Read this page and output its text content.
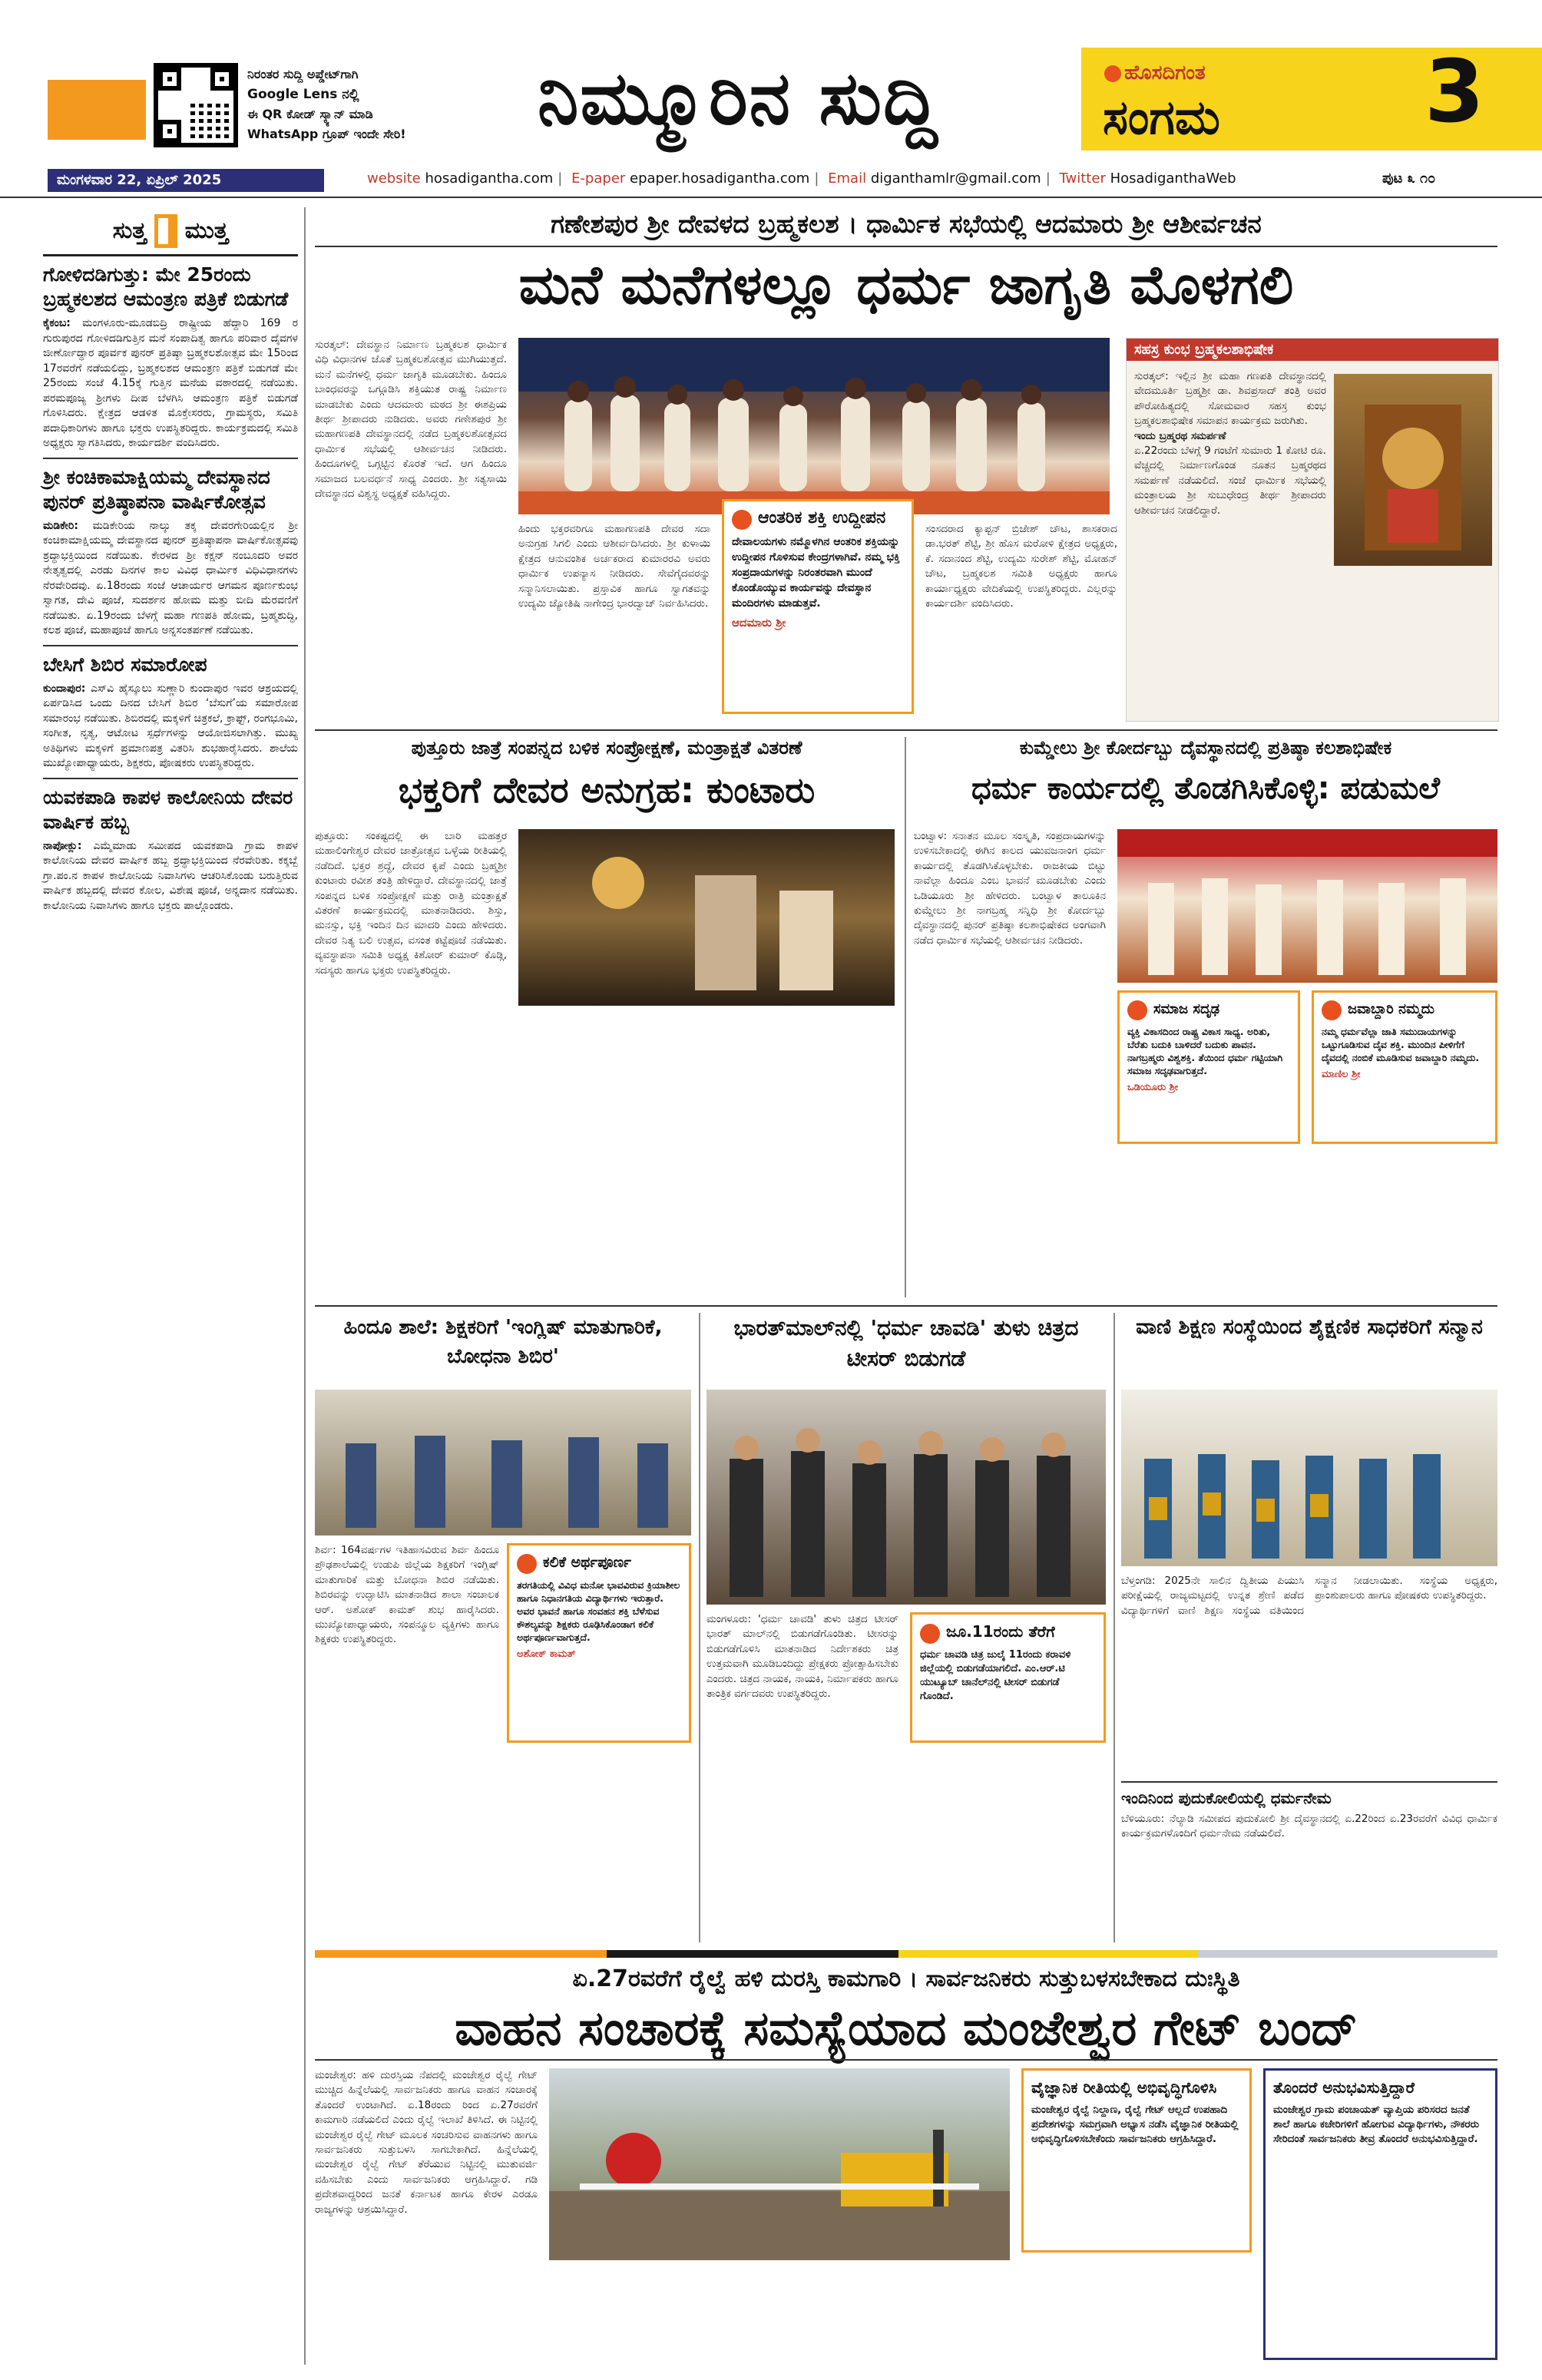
ನಿರಂತರ ಸುದ್ದಿ ಅಪ್ಡೇಟ್‌ಗಾಗಿ
Google Lens ನಲ್ಲಿ
ಈ QR ಕೋಡ್ ಸ್ಕ್ಯಾನ್ ಮಾಡಿ
WhatsApp ಗ್ರೂಪ್ ಇಂದೇ ಸೇರಿ!	ನಿಮ್ಮೂರಿನ ಸುದ್ದಿ	ಹೊಸದಿಗಂತ
ಸಂಗಮ 3
ಮಂಗಳವಾರ 22, ಏಪ್ರಿಲ್ 2025	website hosadigantha.com | E-paper epaper.hosadigantha.com | Email diganthamlr@gmail.com | Twitter HosadiganthaWeb	ಪುಟ ೩ ೧೦
ಸುತ್ತ ಮುತ್ತ
ಗೋಳಿದಡಿಗುತ್ತು: ಮೇ 25ರಂದು ಬ್ರಹ್ಮಕಲಶದ ಆಮಂತ್ರಣ ಪತ್ರಿಕೆ ಬಿಡುಗಡೆ
ಕೈಕಂಬ: ಮಂಗಳೂರು-ಮೂಡಬಿದ್ರಿ ರಾಷ್ಟ್ರೀಯ ಹೆದ್ದಾರಿ 169 ರ ಗುರುಪುರದ ಗೋಳಿದಡಿಗುತ್ತಿನ ಮನೆ ಸಂಪಾದಿತ್ವ ಹಾಗೂ ಪರಿವಾರ ದೈವಗಳ ಜೀರ್ಣೋದ್ಧಾರ ಪೂರ್ವಕ ಪುನರ್ ಪ್ರತಿಷ್ಠಾ ಬ್ರಹ್ಮಕಲಶೋತ್ಸವ ಮೇ 15ರಿಂದ 17ರವರೆಗೆ ನಡೆಯಲಿದ್ದು, ಬ್ರಹ್ಮಕಲಶದ ಆಮಂತ್ರಣ ಪತ್ರಿಕೆ ಬಿಡುಗಡೆ ಮೇ 25ರಂದು ಸಂಜೆ 4.15ಕ್ಕೆ ಗುತ್ತಿನ ಮನೆಯ ವಠಾರದಲ್ಲಿ ನಡೆಯಿತು. ಪರಮಪೂಜ್ಯ ಶ್ರೀಗಳು ದೀಪ ಬೆಳಗಿಸಿ ಆಮಂತ್ರಣ ಪತ್ರಿಕೆ ಬಿಡುಗಡೆ ಗೊಳಿಸಿದರು. ಕ್ಷೇತ್ರದ ಆಡಳಿತ ಮೊಕ್ತೇಸರರು, ಗ್ರಾಮಸ್ಥರು, ಸಮಿತಿ ಪದಾಧಿಕಾರಿಗಳು ಹಾಗೂ ಭಕ್ತರು ಉಪಸ್ಥಿತರಿದ್ದರು. ಕಾರ್ಯಕ್ರಮದಲ್ಲಿ ಸಮಿತಿ ಅಧ್ಯಕ್ಷರು ಸ್ವಾಗತಿಸಿದರು, ಕಾರ್ಯದರ್ಶಿ ವಂದಿಸಿದರು.
ಶ್ರೀ ಕಂಚಿಕಾಮಾಕ್ಷಿಯಮ್ಮ ದೇವಸ್ಥಾನದ ಪುನರ್ ಪ್ರತಿಷ್ಠಾಪನಾ ವಾರ್ಷಿಕೋತ್ಸವ
ಮಡಿಕೇರಿ: ಮಡಿಕೇರಿಯ ನಾಲ್ಕು ತಕ್ಕ ದೇವರಗೇರಿಯಲ್ಲಿನ ಶ್ರೀ ಕಂಚಿಕಾಮಾಕ್ಷಿಯಮ್ಮ ದೇವಸ್ಥಾನದ ಪುನರ್ ಪ್ರತಿಷ್ಠಾಪನಾ ವಾರ್ಷಿಕೋತ್ಸವವು ಶ್ರದ್ಧಾಭಕ್ತಿಯಿಂದ ನಡೆಯಿತು. ಕೇರಳದ ಶ್ರೀ ಕಕ್ಷನ್ ನಂಬೂದರಿ ಅವರ ನೇತೃತ್ವದಲ್ಲಿ ಎರಡು ದಿನಗಳ ಕಾಲ ವಿವಿಧ ಧಾರ್ಮಿಕ ವಿಧಿವಿಧಾನಗಳು ನೆರವೇರಿದವು. ಏ.18ರಂದು ಸಂಜೆ ಆಚಾರ್ಯರ ಆಗಮನ ಪೂರ್ಣಕುಂಭ ಸ್ವಾಗತ, ದೇವಿ ಪೂಜೆ, ಸುದರ್ಶನ ಹೋಮ ಮತ್ತು ಬೀದಿ ಮೆರವಣಿಗೆ ನಡೆಯಿತು. ಏ.19ರಂದು ಬೆಳಗ್ಗೆ ಮಹಾ ಗಣಪತಿ ಹೋಮ, ಬ್ರಹ್ಮಶುದ್ಧಿ, ಕಲಶ ಪೂಜೆ, ಮಹಾಪೂಜೆ ಹಾಗೂ ಅನ್ನಸಂತರ್ಪಣೆ ನಡೆಯಿತು.
ಬೇಸಿಗೆ ಶಿಬಿರ ಸಮಾರೋಪ
ಕುಂದಾಪುರ: ಎಸ್‌ವಿ ಹೈಸ್ಕೂಲು ಸುಣ್ಣಾರಿ ಕುಂದಾಪುರ ಇವರ ಆಶ್ರಯದಲ್ಲಿ ಏರ್ಪಡಿಸಿದ ಒಂದು ದಿನದ ಬೇಸಿಗೆ ಶಿಬಿರ ‘ಬೆಸುಗೆ’ಯ ಸಮಾರೋಪ ಸಮಾರಂಭ ನಡೆಯಿತು. ಶಿಬಿರದಲ್ಲಿ ಮಕ್ಕಳಿಗೆ ಚಿತ್ರಕಲೆ, ಕ್ರಾಫ್ಟ್, ರಂಗಭೂಮಿ, ಸಂಗೀತ, ನೃತ್ಯ, ಆಟೋಟ ಸ್ಪರ್ಧೆಗಳನ್ನು ಆಯೋಜಿಸಲಾಗಿತ್ತು. ಮುಖ್ಯ ಅತಿಥಿಗಳು ಮಕ್ಕಳಿಗೆ ಪ್ರಮಾಣಪತ್ರ ವಿತರಿಸಿ ಶುಭಹಾರೈಸಿದರು. ಶಾಲೆಯ ಮುಖ್ಯೋಪಾಧ್ಯಾಯರು, ಶಿಕ್ಷಕರು, ಪೋಷಕರು ಉಪಸ್ಥಿತರಿದ್ದರು.
ಯವಕಪಾಡಿ ಕಾಪಳ ಕಾಲೋನಿಯ ದೇವರ ವಾರ್ಷಿಕ ಹಬ್ಬ
ನಾಪೋಕ್ಲು: ಎಮ್ಮೆಮಾಡು ಸಮೀಪದ ಯವಕಪಾಡಿ ಗ್ರಾಮ ಕಾಪಳ ಕಾಲೋನಿಯ ದೇವರ ವಾರ್ಷಿಕ ಹಬ್ಬ ಶ್ರದ್ಧಾಭಕ್ತಿಯಿಂದ ನೆರವೇರಿತು. ಕಕ್ಕಬ್ಬೆ ಗ್ರಾ.ಪಂ.ನ ಕಾಪಳ ಕಾಲೋನಿಯ ನಿವಾಸಿಗಳು ಆಚರಿಸಿಕೊಂಡು ಬರುತ್ತಿರುವ ವಾರ್ಷಿಕ ಹಬ್ಬದಲ್ಲಿ ದೇವರ ಕೋಲ, ವಿಶೇಷ ಪೂಜೆ, ಅನ್ನದಾನ ನಡೆಯಿತು. ಕಾಲೋನಿಯ ನಿವಾಸಿಗಳು ಹಾಗೂ ಭಕ್ತರು ಪಾಲ್ಗೊಂಡರು.
ಗಣೇಶಪುರ ಶ್ರೀ ದೇವಳದ ಬ್ರಹ್ಮಕಲಶ । ಧಾರ್ಮಿಕ ಸಭೆಯಲ್ಲಿ ಆದಮಾರು ಶ್ರೀ ಆಶೀರ್ವಚನ
ಮನೆ ಮನೆಗಳಲ್ಲೂ ಧರ್ಮ ಜಾಗೃತಿ ಮೊಳಗಲಿ
ಸುರತ್ಕಲ್: ದೇವಸ್ಥಾನ ನಿರ್ಮಾಣ ಬ್ರಹ್ಮಕಲಶ ಧಾರ್ಮಿಕ ವಿಧಿ ವಿಧಾನಗಳ ಜೊತೆ ಬ್ರಹ್ಮಕಲಶೋತ್ಸವ ಮುಗಿಯುತ್ತದೆ. ಮನೆ ಮನೆಗಳಲ್ಲಿ ಧರ್ಮ ಜಾಗೃತಿ ಮೂಡಬೇಕು. ಹಿಂದೂ ಬಾಂಧವರನ್ನು ಒಗ್ಗೂಡಿಸಿ ಶಕ್ತಿಯುತ ರಾಷ್ಟ್ರ ನಿರ್ಮಾಣ ಮಾಡಬೇಕು ಎಂದು ಆದಮಾರು ಮಠದ ಶ್ರೀ ಈಶಪ್ರಿಯ ತೀರ್ಥ ಶ್ರೀಪಾದರು ನುಡಿದರು. ಅವರು ಗಣೇಶಪುರ ಶ್ರೀ ಮಹಾಗಣಪತಿ ದೇವಸ್ಥಾನದಲ್ಲಿ ನಡೆದ ಬ್ರಹ್ಮಕಲಶೋತ್ಸವದ ಧಾರ್ಮಿಕ ಸಭೆಯಲ್ಲಿ ಆಶೀರ್ವಚನ ನೀಡಿದರು. ಹಿಂದೂಗಳಲ್ಲಿ ಒಗ್ಗಟ್ಟಿನ ಕೊರತೆ ಇದೆ. ಆಗ ಹಿಂದೂ ಸಮಾಜದ ಬಲವರ್ಧನೆ ಸಾಧ್ಯ ಎಂದರು. ಶ್ರೀ ಸತ್ಯಸಾಯಿ ದೇವಸ್ಥಾನದ ವಿಶ್ವಸ್ಥ ಅಧ್ಯಕ್ಷತೆ ವಹಿಸಿದ್ದರು.
ಹಿಂದು ಭಕ್ತರವರಿಗೂ ಮಹಾಗಣಪತಿ ದೇವರ ಸದಾ ಅನುಗ್ರಹ ಸಿಗಲಿ ಎಂದು ಆಶೀರ್ವದಿಸಿದರು. ಶ್ರೀ ಕುಳಾಯಿ ಕ್ಷೇತ್ರದ ಆನುವಂಶಿಕ ಅರ್ಚಕರಾದ ಕುಮಾರರವಿ ಅವರು ಧಾರ್ಮಿಕ ಉಪನ್ಯಾಸ ನೀಡಿದರು. ಸೇವೆಗೈದವರನ್ನು ಸನ್ಮಾನಿಸಲಾಯಿತು. ಪ್ರಸ್ತಾವಿಕ ಹಾಗೂ ಸ್ವಾಗತವನ್ನು ಉದ್ಯಮಿ ಜ್ಯೋತಿಷಿ ನಾಗೇಂದ್ರ ಭಾರದ್ವಾಜ್ ನಿರ್ವಹಿಸಿದರು.
ಆಂತರಿಕ ಶಕ್ತಿ ಉದ್ದೀಪನ
ದೇವಾಲಯಗಳು ನಮ್ಮೊಳಗಿನ ಆಂತರಿಕ ಶಕ್ತಿಯನ್ನು ಉದ್ದೀಪನ ಗೊಳಿಸುವ ಕೇಂದ್ರಗಳಾಗಿವೆ. ನಮ್ಮ ಭಕ್ತಿ ಸಂಪ್ರದಾಯಗಳನ್ನು ನಿರಂತರವಾಗಿ ಮುಂದೆ ಕೊಂಡೊಯ್ಯುವ ಕಾರ್ಯವನ್ನು ದೇವಸ್ಥಾನ ಮಂದಿರಗಳು ಮಾಡುತ್ತವೆ.
ಆದಮಾರು ಶ್ರೀ
ಸಂಸದರಾದ ಕ್ಯಾಪ್ಟನ್ ಬ್ರಿಜೇಶ್ ಚೌಟ, ಶಾಸಕರಾದ ಡಾ.ಭರತ್ ಶೆಟ್ಟಿ, ಶ್ರೀ ಹೊಸ ಮರೋಳಿ ಕ್ಷೇತ್ರದ ಅಧ್ಯಕ್ಷರು, ಕೆ. ಸದಾನಂದ ಶೆಟ್ಟಿ, ಉದ್ಯಮಿ ಸುರೇಶ್ ಶೆಟ್ಟಿ, ಮೋಹನ್ ಚೌಟ, ಬ್ರಹ್ಮಕಲಶ ಸಮಿತಿ ಅಧ್ಯಕ್ಷರು ಹಾಗೂ ಕಾರ್ಯಾಧ್ಯಕ್ಷರು ವೇದಿಕೆಯಲ್ಲಿ ಉಪಸ್ಥಿತರಿದ್ದರು. ಎಲ್ಲರನ್ನು ಕಾರ್ಯದರ್ಶಿ ವಂದಿಸಿದರು.
ಸಹಸ್ರ ಕುಂಭ ಬ್ರಹ್ಮಕಲಶಾಭಿಷೇಕ
ಸುರತ್ಕಲ್: ಇಲ್ಲಿನ ಶ್ರೀ ಮಹಾ ಗಣಪತಿ ದೇವಸ್ಥಾನದಲ್ಲಿ ವೇದಮೂರ್ತಿ ಬ್ರಹ್ಮಶ್ರೀ ಡಾ. ಶಿವಪ್ರಸಾದ್ ತಂತ್ರಿ ಅವರ ಪೌರೋಹಿತ್ಯದಲ್ಲಿ ಸೋಮವಾರ ಸಹಸ್ರ ಕುಂಭ ಬ್ರಹ್ಮಕಲಶಾಭಿಷೇಕ ಸಮಾಪನ ಕಾರ್ಯಕ್ರಮ ಜರುಗಿತು.
ಇಂದು ಬ್ರಹ್ಮರಥ ಸಮರ್ಪಣೆ
ಏ.22ರಂದು ಬೆಳಗ್ಗೆ 9 ಗಂಟೆಗೆ ಸುಮಾರು 1 ಕೋಟಿ ರೂ. ವೆಚ್ಚದಲ್ಲಿ ನಿರ್ಮಾಣಗೊಂಡ ನೂತನ ಬ್ರಹ್ಮರಥದ ಸಮರ್ಪಣೆ ನಡೆಯಲಿದೆ. ಸಂಜೆ ಧಾರ್ಮಿಕ ಸಭೆಯಲ್ಲಿ ಮಂತ್ರಾಲಯ ಶ್ರೀ ಸುಬುಧೇಂದ್ರ ತೀರ್ಥ ಶ್ರೀಪಾದರು ಆಶೀರ್ವಚನ ನೀಡಲಿದ್ದಾರೆ.
ಪುತ್ತೂರು ಜಾತ್ರೆ ಸಂಪನ್ನದ ಬಳಿಕ ಸಂಪ್ರೋಕ್ಷಣೆ, ಮಂತ್ರಾಕ್ಷತೆ ವಿತರಣೆ
ಭಕ್ತರಿಗೆ ದೇವರ ಅನುಗ್ರಹ: ಕುಂಟಾರು
ಪುತ್ತೂರು: ಸಂಕಷ್ಟದಲ್ಲಿ ಈ ಬಾರಿ ಮಹತ್ತರ ಮಹಾಲಿಂಗೇಶ್ವರ ದೇವರ ಜಾತ್ರೋತ್ಸವ ಒಳ್ಳೆಯ ರೀತಿಯಲ್ಲಿ ನಡೆದಿದೆ. ಭಕ್ತರ ಶ್ರದ್ಧೆ, ದೇವರ ಕೃಪೆ ಎಂದು ಬ್ರಹ್ಮಶ್ರೀ ಕುಂಟಾರು ರವೀಶ ತಂತ್ರಿ ಹೇಳಿದ್ದಾರೆ. ದೇವಸ್ಥಾನದಲ್ಲಿ ಜಾತ್ರೆ ಸಂಪನ್ನದ ಬಳಿಕ ಸಂಪ್ರೋಕ್ಷಣೆ ಮತ್ತು ರಾತ್ರಿ ಮಂತ್ರಾಕ್ಷತೆ ವಿತರಣೆ ಕಾರ್ಯಕ್ರಮದಲ್ಲಿ ಮಾತನಾಡಿದರು. ಶಿಸ್ತು, ಮನಸ್ಸು, ಭಕ್ತಿ ಇಂದಿನ ದಿನ ಮಾದರಿ ಎಂದು ಹೇಳಿದರು. ದೇವರ ನಿತ್ಯ ಬಲಿ ಉತ್ಸವ, ವಸಂತ ಕಟ್ಟೆಪೂಜೆ ನಡೆಯಿತು. ವ್ಯವಸ್ಥಾಪನಾ ಸಮಿತಿ ಅಧ್ಯಕ್ಷ ಕಿಶೋರ್ ಕುಮಾರ್ ಕೊಡ್ಗಿ, ಸದಸ್ಯರು ಹಾಗೂ ಭಕ್ತರು ಉಪಸ್ಥಿತರಿದ್ದರು.
ಕುಮ್ಡೇಲು ಶ್ರೀ ಕೋರ್ದಬ್ಬು ದೈವಸ್ಥಾನದಲ್ಲಿ ಪ್ರತಿಷ್ಠಾ ಕಲಶಾಭಿಷೇಕ
ಧರ್ಮ ಕಾರ್ಯದಲ್ಲಿ ತೊಡಗಿಸಿಕೊಳ್ಳಿ: ಪಡುಮಲೆ
ಬಂಟ್ವಾಳ: ಸನಾತನ ಮೂಲ ಸಂಸ್ಕೃತಿ, ಸಂಪ್ರದಾಯಗಳನ್ನು ಉಳಿಸಬೇಕಾದಲ್ಲಿ ಈಗಿನ ಕಾಲದ ಯುವಜನಾಂಗ ಧರ್ಮ ಕಾರ್ಯದಲ್ಲಿ ತೊಡಗಿಸಿಕೊಳ್ಳಬೇಕು. ರಾಜಕೀಯ ಬಿಟ್ಟು ನಾವೆಲ್ಲಾ ಹಿಂದೂ ಎಂಬ ಭಾವನೆ ಮೂಡಬೇಕು ಎಂದು ಒಡಿಯೂರು ಶ್ರೀ ಹೇಳಿದರು. ಬಂಟ್ವಾಳ ತಾಲೂಕಿನ ಕುಮ್ಡೇಲು ಶ್ರೀ ನಾಗಬ್ರಹ್ಮ ಸನ್ನಿಧಿ ಶ್ರೀ ಕೋರ್ದಬ್ಬು ದೈವಸ್ಥಾನದಲ್ಲಿ ಪುನರ್ ಪ್ರತಿಷ್ಠಾ ಕಲಶಾಭಿಷೇಕದ ಅಂಗವಾಗಿ ನಡೆದ ಧಾರ್ಮಿಕ ಸಭೆಯಲ್ಲಿ ಆಶೀರ್ವಚನ ನೀಡಿದರು.
ಸಮಾಜ ಸದೃಢ
ವ್ಯಕ್ತಿ ವಿಕಾಸದಿಂದ ರಾಷ್ಟ್ರ ವಿಕಾಸ ಸಾಧ್ಯ. ಅರಿತು, ಬೆರೆತು ಬದುಕಿ ಬಾಳಿದರೆ ಬದುಕು ಪಾವನ. ನಾಗಬ್ರಹ್ಮರು ವಿಶ್ವಶಕ್ತಿ. ತೆಯಿಂದ ಧರ್ಮ ಗಟ್ಟಿಯಾಗಿ ಸಮಾಜ ಸದೃಢವಾಗುತ್ತದೆ.
ಒಡಿಯೂರು ಶ್ರೀ
ಜವಾಬ್ದಾರಿ ನಮ್ಮದು
ನಮ್ಮ ಧರ್ಮವೆಲ್ಲಾ ಜಾತಿ ಸಮುದಾಯಗಳನ್ನು ಒಟ್ಟುಗೂಡಿಸುವ ದೈವ ಶಕ್ತಿ. ಮುಂದಿನ ಪೀಳಿಗೆಗೆ ದೈವದಲ್ಲಿ ನಂಬಿಕೆ ಮೂಡಿಸುವ ಜವಾಬ್ದಾರಿ ನಮ್ಮದು.
ಮಾಣಿಲ ಶ್ರೀ
ಹಿಂದೂ ಶಾಲೆ: ಶಿಕ್ಷಕರಿಗೆ 'ಇಂಗ್ಲಿಷ್ ಮಾತುಗಾರಿಕೆ, ಬೋಧನಾ ಶಿಬಿರ'
ಶಿರ್ವ: 164ವರ್ಷಗಳ ಇತಿಹಾಸವಿರುವ ಶಿರ್ವ ಹಿಂದೂ ಪ್ರೌಢಶಾಲೆಯಲ್ಲಿ ಉಡುಪಿ ಜಿಲ್ಲೆಯ ಶಿಕ್ಷಕರಿಗೆ ಇಂಗ್ಲಿಷ್ ಮಾತುಗಾರಿಕೆ ಮತ್ತು ಬೋಧನಾ ಶಿಬಿರ ನಡೆಯಿತು. ಶಿಬಿರವನ್ನು ಉದ್ಘಾಟಿಸಿ ಮಾತನಾಡಿದ ಶಾಲಾ ಸಂಚಾಲಕ ಆರ್. ಅಶೋಕ್ ಕಾಮತ್ ಶುಭ ಹಾರೈಸಿದರು. ಮುಖ್ಯೋಪಾಧ್ಯಾಯರು, ಸಂಪನ್ಮೂಲ ವ್ಯಕ್ತಿಗಳು ಹಾಗೂ ಶಿಕ್ಷಕರು ಉಪಸ್ಥಿತರಿದ್ದರು.
ಕಲಿಕೆ ಅರ್ಥಪೂರ್ಣ
ತರಗತಿಯಲ್ಲಿ ವಿವಿಧ ಮನೋ ಭಾವವಿರುವ ಕ್ರಿಯಾಶೀಲ ಹಾಗೂ ನಿಧಾನಗತಿಯ ವಿದ್ಯಾರ್ಥಿಗಳು ಇರುತ್ತಾರೆ. ಅವರ ಭಾವನೆ ಹಾಗೂ ಸಂವಹನ ಶಕ್ತಿ ಬೆಳೆಸುವ ಕೌಶಲ್ಯವನ್ನು ಶಿಕ್ಷಕರು ರೂಢಿಸಿಕೊಂಡಾಗ ಕಲಿಕೆ ಅರ್ಥಪೂರ್ಣವಾಗುತ್ತದೆ.
ಅಶೋಕ್ ಕಾಮತ್
ಭಾರತ್‌ಮಾಲ್‌ನಲ್ಲಿ 'ಧರ್ಮ ಚಾವಡಿ' ತುಳು ಚಿತ್ರದ ಟೀಸರ್ ಬಿಡುಗಡೆ
ಮಂಗಳೂರು: 'ಧರ್ಮ ಚಾವಡಿ' ತುಳು ಚಿತ್ರದ ಟೀಸರ್ ಭಾರತ್ ಮಾಲ್‌ನಲ್ಲಿ ಬಿಡುಗಡೆಗೊಂಡಿತು. ಟೀಸರನ್ನು ಬಿಡುಗಡೆಗೊಳಿಸಿ ಮಾತನಾಡಿದ ನಿರ್ದೇಶಕರು ಚಿತ್ರ ಉತ್ತಮವಾಗಿ ಮೂಡಿಬಂದಿದ್ದು ಪ್ರೇಕ್ಷಕರು ಪ್ರೋತ್ಸಾಹಿಸಬೇಕು ಎಂದರು. ಚಿತ್ರದ ನಾಯಕ, ನಾಯಕಿ, ನಿರ್ಮಾಪಕರು ಹಾಗೂ ತಾಂತ್ರಿಕ ವರ್ಗದವರು ಉಪಸ್ಥಿತರಿದ್ದರು.
ಜೂ.11ರಂದು ತೆರೆಗೆ
ಧರ್ಮ ಚಾವಡಿ ಚಿತ್ರ ಜುಲೈ 11ರಂದು ಕರಾವಳಿ ಜಿಲ್ಲೆಯಲ್ಲಿ ಬಿಡುಗಡೆಯಾಗಲಿದೆ. ಎಂ.ಆರ್.ಟಿ ಯುಟ್ಯೂಬ್ ಚಾನೆಲ್‌ನಲ್ಲಿ ಟೀಸರ್ ಬಿಡುಗಡೆ ಗೊಂಡಿದೆ.
ವಾಣಿ ಶಿಕ್ಷಣ ಸಂಸ್ಥೆಯಿಂದ ಶೈಕ್ಷಣಿಕ ಸಾಧಕರಿಗೆ ಸನ್ಮಾನ
ಬೆಳ್ತಂಗಡಿ: 2025ನೇ ಸಾಲಿನ ದ್ವಿತೀಯ ಪಿಯುಸಿ ಪರೀಕ್ಷೆಯಲ್ಲಿ ರಾಜ್ಯಮಟ್ಟದಲ್ಲಿ ಉನ್ನತ ಶ್ರೇಣಿ ಪಡೆದ ವಿದ್ಯಾರ್ಥಿಗಳಿಗೆ ವಾಣಿ ಶಿಕ್ಷಣ ಸಂಸ್ಥೆಯ ವತಿಯಿಂದ ಸನ್ಮಾನ ನೀಡಲಾಯಿತು. ಸಂಸ್ಥೆಯ ಅಧ್ಯಕ್ಷರು, ಪ್ರಾಂಶುಪಾಲರು ಹಾಗೂ ಪೋಷಕರು ಉಪಸ್ಥಿತರಿದ್ದರು.
ಇಂದಿನಿಂದ ಪುದುಕೋಲಿಯಲ್ಲಿ ಧರ್ಮನೇಮ
ಬೆಳಿಯೂರು: ನೆಲ್ಯಾಡಿ ಸಮೀಪದ ಪುದುಕೋಲಿ ಶ್ರೀ ದೈವಸ್ಥಾನದಲ್ಲಿ ಏ.22ರಿಂದ ಏ.23ರವರೆಗೆ ವಿವಿಧ ಧಾರ್ಮಿಕ ಕಾರ್ಯಕ್ರಮಗಳೊಂದಿಗೆ ಧರ್ಮನೇಮ ನಡೆಯಲಿದೆ.
ಏ.27ರವರೆಗೆ ರೈಲ್ವೆ ಹಳಿ ದುರಸ್ತಿ ಕಾಮಗಾರಿ । ಸಾರ್ವಜನಿಕರು ಸುತ್ತುಬಳಸಬೇಕಾದ ದುಃಸ್ಥಿತಿ
ವಾಹನ ಸಂಚಾರಕ್ಕೆ ಸಮಸ್ಯೆಯಾದ ಮಂಜೇಶ್ವರ ಗೇಟ್ ಬಂದ್
ಮಂಜೇಶ್ವರ: ಹಳಿ ದುರಸ್ತಿಯ ನೆಪದಲ್ಲಿ ಮಂಜೇಶ್ವರ ರೈಲ್ವೆ ಗೇಟ್ ಮುಚ್ಚಿದ ಹಿನ್ನೆಲೆಯಲ್ಲಿ ಸಾರ್ವಜನಿಕರು ಹಾಗೂ ವಾಹನ ಸಂಚಾರಕ್ಕೆ ತೊಂದರೆ ಉಂಟಾಗಿದೆ. ಏ.18ರಂದು ರಿಂದ ಏ.27ರವರೆಗೆ ಕಾಮಗಾರಿ ನಡೆಯಲಿದೆ ಎಂದು ರೈಲ್ವೆ ಇಲಾಖೆ ತಿಳಿಸಿದೆ. ಈ ನಿಟ್ಟಿನಲ್ಲಿ ಮಂಜೇಶ್ವರ ರೈಲ್ವೆ ಗೇಟ್ ಮೂಲಕ ಸಂಚರಿಸುವ ವಾಹನಗಳು ಹಾಗೂ ಸಾರ್ವಜನಿಕರು ಸುತ್ತುಬಳಸಿ ಸಾಗಬೇಕಾಗಿದೆ. ಹಿನ್ನೆಲೆಯಲ್ಲಿ ಮಂಜೇಶ್ವರ ರೈಲ್ವೆ ಗೇಟ್ ತೆರೆಯುವ ನಿಟ್ಟಿನಲ್ಲಿ ಮುತುವರ್ಜಿ ವಹಿಸಬೇಕು ಎಂದು ಸಾರ್ವಜನಿಕರು ಆಗ್ರಹಿಸಿದ್ದಾರೆ. ಗಡಿ ಪ್ರದೇಶವಾದ್ದರಿಂದ ಜನತೆ ಕರ್ನಾಟಕ ಹಾಗೂ ಕೇರಳ ಎರಡೂ ರಾಜ್ಯಗಳನ್ನು ಆಶ್ರಯಿಸಿದ್ದಾರೆ.
ವೈಜ್ಞಾನಿಕ ರೀತಿಯಲ್ಲಿ ಅಭಿವೃದ್ಧಿಗೊಳಿಸಿ
ಮಂಜೇಶ್ವರ ರೈಲ್ವೆ ನಿಲ್ದಾಣ, ರೈಲ್ವೆ ಗೇಟ್ ಆಲ್ಲದೆ ಉಪಹಾದಿ ಪ್ರದೇಶಗಳನ್ನು ಸಮಗ್ರವಾಗಿ ಅಭ್ಯಾಸ ನಡೆಸಿ ವೈಜ್ಞಾನಿಕ ರೀತಿಯಲ್ಲಿ ಅಭಿವೃದ್ಧಿಗೊಳಿಸಬೇಕೆಂದು ಸಾರ್ವಜನಿಕರು ಆಗ್ರಹಿಸಿದ್ದಾರೆ.
ತೊಂದರೆ ಅನುಭವಿಸುತ್ತಿದ್ದಾರೆ
ಮಂಜೇಶ್ವರ ಗ್ರಾಮ ಪಂಚಾಯತ್ ವ್ಯಾಪ್ತಿಯ ಪರಿಸರದ ಜನತೆ ಶಾಲೆ ಹಾಗೂ ಕಚೇರಿಗಳಿಗೆ ಹೋಗುವ ವಿದ್ಯಾರ್ಥಿಗಳು, ನೌಕರರು ಸೇರಿದಂತೆ ಸಾರ್ವಜನಿಕರು ತೀವ್ರ ತೊಂದರೆ ಅನುಭವಿಸುತ್ತಿದ್ದಾರೆ.
